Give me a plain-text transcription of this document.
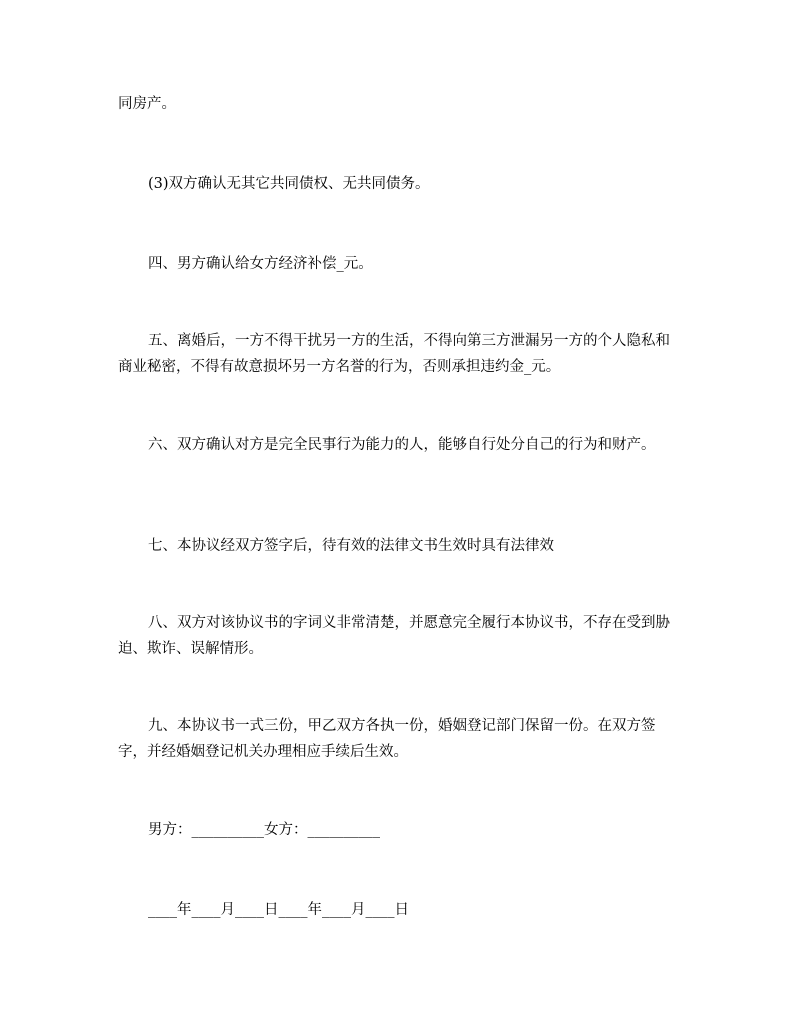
同房产。

(3)双方确认无其它共同债权、无共同债务。

四、男方确认给女方经济补偿_元。

五、离婚后，一方不得干扰另一方的生活，不得向第三方泄漏另一方的个人隐私和商业秘密，不得有故意损坏另一方名誉的行为，否则承担违约金_元。

六、双方确认对方是完全民事行为能力的人，能够自行处分自己的行为和财产。

七、本协议经双方签字后，待有效的法律文书生效时具有法律效

八、双方对该协议书的字词义非常清楚，并愿意完全履行本协议书，不存在受到胁迫、欺诈、误解情形。

九、本协议书一式三份，甲乙双方各执一份，婚姻登记部门保留一份。在双方签字，并经婚姻登记机关办理相应手续后生效。

男方：__________女方：__________

____年____月____日____年____月____日
